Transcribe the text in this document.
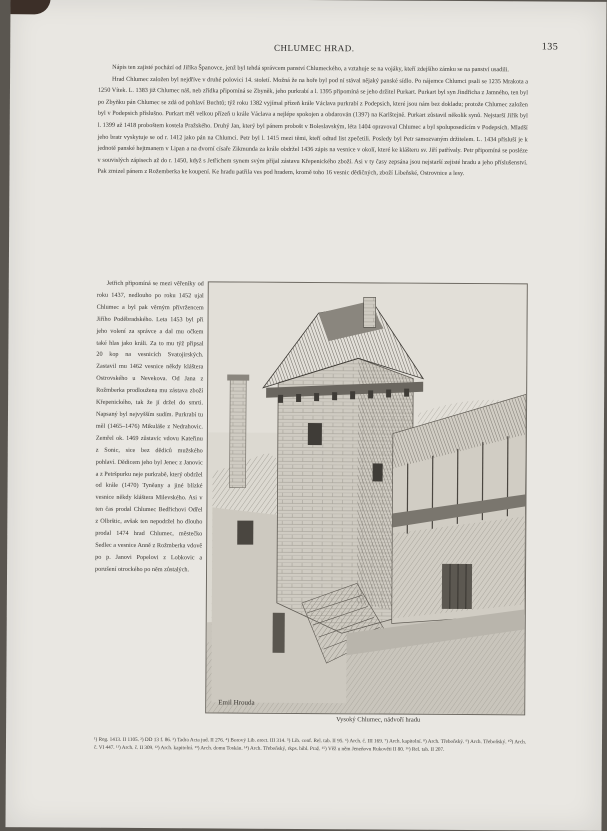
CHLUMEC HRAD.	135

Nápis ten zajisté pochází od Jiříka Španovce, jenž byl tehdá správcem panství Chlumeckého, a vztahuje se na vojáky, kteří zdejšího zámku se na panství usadili.

Hrad Chlumec založen byl nejdříve v druhé polovici 14. století. Možná že na hoře byl pod ní stával nějaký panské sídlo. Po nájemce Chlumci psali se 1235 Mrakota a 1250 Vítek. L. 1383 již Chlumec náš, neb zřídka připomíná se Zbyněk, jeho purkrabí a l. 1395 připomíná se jeho držitel Purkart. Purkart byl syn Jindřicha z Jamného, ten byl po Zbyňku pán Chlumec se zdá od pohlaví Buchtů; týž roku 1382 vyjímal přízeň krále Václava purkrabí z Podepsich, které jsou nám bez dokladu; protože Chlumec založen byl v Podepsich příslušno. Purkart měl velkou přízeň u krále Václava a nejlépe spokojen a obdarován (1397) na Karlštejně. Purkart zůstavil několik synů. Nejstarší Jiřík byl l. 1399 až 1418 proboštem kostela Pražského. Druhý Jan, který byl pánem probošt v Boleslavským, léta 1404 opravoval Chlumec a byl spoluposedícím v Podepsích. Mladší jeho bratr vyskytuje se od r. 1412 jako pán na Chlumci. Petr byl l. 1415 mezi těmi, kteří odtud list zpečetili. Posledy byl Petr samozvaným držitelem. L. 1434 přísluší je k jednotě panské hejtmanem v Lipan a na dvorní císaře Zikmunda za krále obdržel 1436 zápis na vesnice v okolí, které ke klášteru sv. Jiří patřívaly. Petr připomíná se posléze v souvislých zápisech až do r. 1450, když s Jetřichem synem svým přijal zástavu Křepenického zboží. Asi v ty časy zepsána jsou nejstarší zejisté hradu a jeho příslušenství. Pak zmizel pánem z Rožemberka ke koupení. Ke hradu patřila ves pod hradem, kromě toho 16 vesnic dědičných, zboží Libeňské, Ostrovnice a lesy.

Jetřich připomíná se mezi věřeníky od roku 1437, nedlouho po roku 1452 ujal Chlumec a byl pak věrným přívržencem Jiřího Poděbradského. Leta 1453 byl při jeho volení za správce a dal mu očkem také hlas jako králi. Za to mu týž připsal 20 kop na vesnicích Svatojirských. Zastavil mu 1462 vesnice někdy kláštera Ostrovského u Nevekova. Od Jana z Rožmberka prodloužena mu zástava zboží Křepenického, tak že jí držel do smrti. Napsaný byl nejvyšším sudím. Purkrabí tu měl (1465–1476) Mikuláše z Nedrahovic. Zemřel ok. 1469 zůstavíc vdovu Kateřinu z Sonic, sice bez dědiců mužského pohlaví. Dědicem jeho byl Jenec z Janovic a z Petršpurku neje purkrabě, který obdržel od krále (1470) Tyněany a jiné blízké vesnice někdy kláštera Milevského. Asi v ten čas prodal Chlumec Bedřichovi Odřel z Olbrštic, avšak ten nepodržel ho dlouho prodal 1474 hrad Chlumec, městečko Sedlec a vesnice Anně z Rožmberka vdově po p. Janovi Popelovi z Lobkovic a porušení otrockého po něm zůstalých.

Emil Hrouda
Vysoký Chlumec, nádvoří hradu
¹) Reg. 1413. II 1105. ²) DD 13 f. 86. ³) Tadra Acta jud. II 276. ⁴) Borový Lib. erect. III 314. ⁵) Lib. conf. Rel. tab. II 95. ⁶) Arch. č. III 169. ⁷) Arch. kapitolní. ⁸) Arch. Třeboňský. ⁹) Arch. Třeboňský. ¹⁰) Arch. č. VI 447. ¹¹) Arch. č. II 309. ¹²) Arch. kapitolní. ¹³) Arch. domu Toskán. ¹⁴) Arch. Třeboňský, rkps. bibl. Praž. ¹⁵) Věž u něm Jeneňovu Rukověti II 80. ¹⁶) Rel. tab. II 207.
